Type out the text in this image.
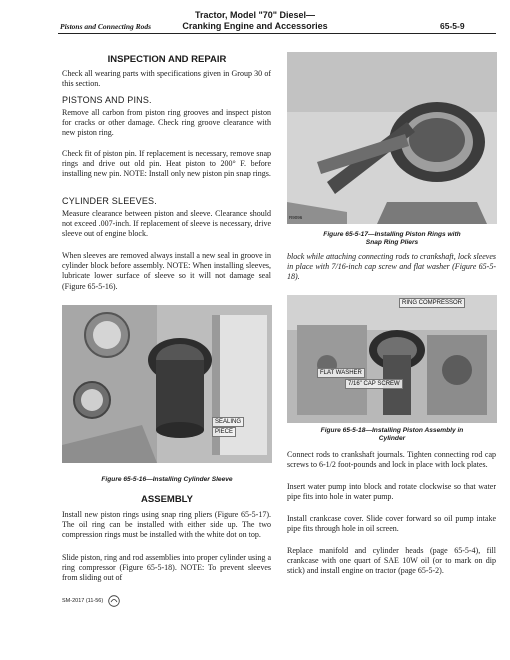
Pistons and Connecting Rods
Tractor, Model "70" Diesel—
Cranking Engine and Accessories	65-5-9
INSPECTION AND REPAIR
Check all wearing parts with specifications given in Group 30 of this section.
PISTONS AND PINS.
Remove all carbon from piston ring grooves and inspect piston for cracks or other damage. Check ring groove clearance with new piston ring.
Check fit of piston pin. If replacement is necessary, remove snap rings and drive out old pin. Heat piston to 200° F. before installing new pin. NOTE: Install only new piston pin snap rings.
CYLINDER SLEEVES.
Measure clearance between piston and sleeve. Clearance should not exceed .007-inch. If replacement of sleeve is necessary, drive sleeve out of engine block.
When sleeves are removed always install a new seal in groove in cylinder block before assembly. NOTE: When installing sleeves, lubricate lower surface of sleeve so it will not damage seal (Figure 65-5-16).
SEALING
PIECE
Figure 65-5-16—Installing Cylinder Sleeve
ASSEMBLY
Install new piston rings using snap ring pliers (Figure 65-5-17). The oil ring can be installed with either side up. The two compression rings must be installed with the white dot on top.
Slide piston, ring and rod assemblies into proper cylinder using a ring compressor (Figure 65-5-18). NOTE: To prevent sleeves from sliding out of
R9096
Figure 65-5-17—Installing Piston Rings with
Snap Ring Pliers
block while attaching connecting rods to crankshaft, lock sleeves in place with 7/16-inch cap screw and flat washer (Figure 65-5-18).
RING COMPRESSOR
FLAT WASHER
7/16" CAP SCREW
Figure 65-5-18—Installing Piston Assembly in
Cylinder
Connect rods to crankshaft journals. Tighten connecting rod cap screws to 6-1/2 foot-pounds and lock in place with lock plates.
Insert water pump into block and rotate clockwise so that water pipe fits into hole in water pump.
Install crankcase cover. Slide cover forward so oil pump intake pipe fits through hole in oil screen.
Replace manifold and cylinder heads (page 65-5-4), fill crankcase with one quart of SAE 10W oil (or to mark on dip stick) and install engine on tractor (page 65-5-2).
SM-2017 (11-56)
